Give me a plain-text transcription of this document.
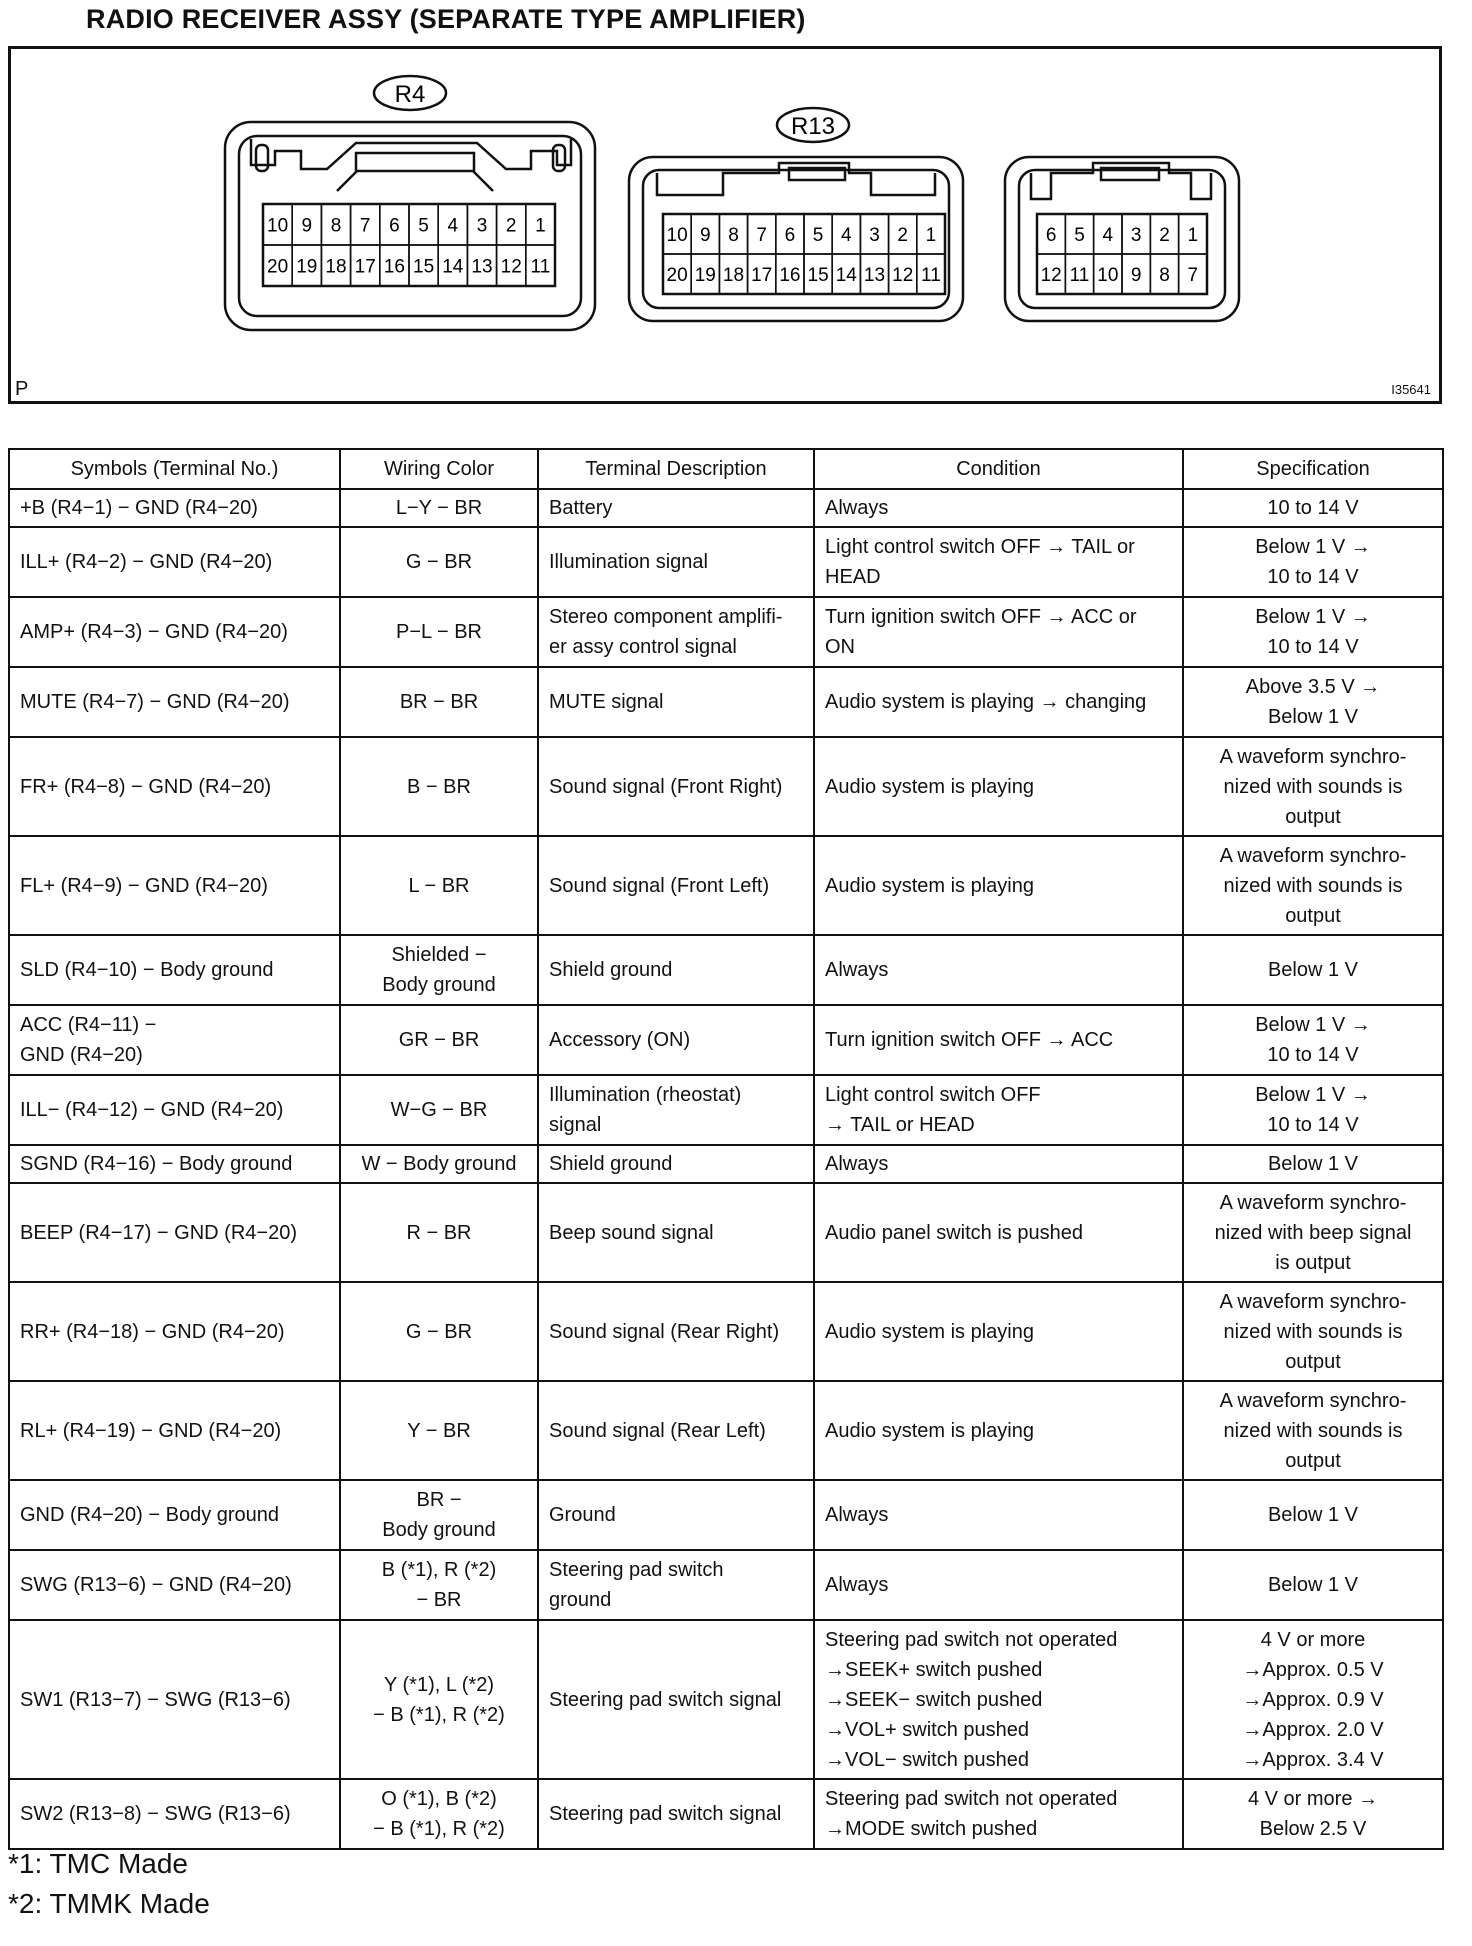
RADIO RECEIVER ASSY (SEPARATE TYPE AMPLIFIER)
R4
R13
10 9 8 7 6 5 4 3 2 1
20 19 18 17 16 15 14 13 12 11
10 9 8 7 6 5 4 3 2 1
20 19 18 17 16 15 14 13 12 11
6 5 4 3 2 1
12 11 10 9 8 7
P	I35641
Symbols (Terminal No.)	Wiring Color	Terminal Description	Condition	Specification
+B (R4−1) − GND (R4−20)	L−Y − BR	Battery	Always	10 to 14 V
ILL+ (R4−2) − GND (R4−20)	G − BR	Illumination signal	Light control switch OFF → TAIL or HEAD	Below 1 V →
10 to 14 V
AMP+ (R4−3) − GND (R4−20)	P−L − BR	Stereo component amplifi-
er assy control signal	Turn ignition switch OFF → ACC or
ON	Below 1 V →
10 to 14 V
MUTE (R4−7) − GND (R4−20)	BR − BR	MUTE signal	Audio system is playing → changing	Above 3.5 V →
Below 1 V
FR+ (R4−8) − GND (R4−20)	B − BR	Sound signal (Front Right)	Audio system is playing	A waveform synchro-
nized with sounds is
output
FL+ (R4−9) − GND (R4−20)	L − BR	Sound signal (Front Left)	Audio system is playing	A waveform synchro-
nized with sounds is
output
SLD (R4−10) − Body ground	Shielded −
Body ground	Shield ground	Always	Below 1 V
ACC (R4−11) −
GND (R4−20)	GR − BR	Accessory (ON)	Turn ignition switch OFF → ACC	Below 1 V →
10 to 14 V
ILL− (R4−12) − GND (R4−20)	W−G − BR	Illumination (rheostat)
signal	Light control switch OFF
→ TAIL or HEAD	Below 1 V →
10 to 14 V
SGND (R4−16) − Body ground	W − Body ground	Shield ground	Always	Below 1 V
BEEP (R4−17) − GND (R4−20)	R − BR	Beep sound signal	Audio panel switch is pushed	A waveform synchro-
nized with beep signal
is output
RR+ (R4−18) − GND (R4−20)	G − BR	Sound signal (Rear Right)	Audio system is playing	A waveform synchro-
nized with sounds is
output
RL+ (R4−19) − GND (R4−20)	Y − BR	Sound signal (Rear Left)	Audio system is playing	A waveform synchro-
nized with sounds is
output
GND (R4−20) − Body ground	BR −
Body ground	Ground	Always	Below 1 V
SWG (R13−6) − GND (R4−20)	B (*1), R (*2)
− BR	Steering pad switch
ground	Always	Below 1 V
SW1 (R13−7) − SWG (R13−6)	Y (*1), L (*2)
− B (*1), R (*2)	Steering pad switch signal	Steering pad switch not operated
→SEEK+ switch pushed
→SEEK− switch pushed
→VOL+ switch pushed
→VOL− switch pushed	4 V or more
→Approx. 0.5 V
→Approx. 0.9 V
→Approx. 2.0 V
→Approx. 3.4 V
SW2 (R13−8) − SWG (R13−6)	O (*1), B (*2)
− B (*1), R (*2)	Steering pad switch signal	Steering pad switch not operated
→MODE switch pushed	4 V or more →
Below 2.5 V
*1: TMC Made
*2: TMMK Made
